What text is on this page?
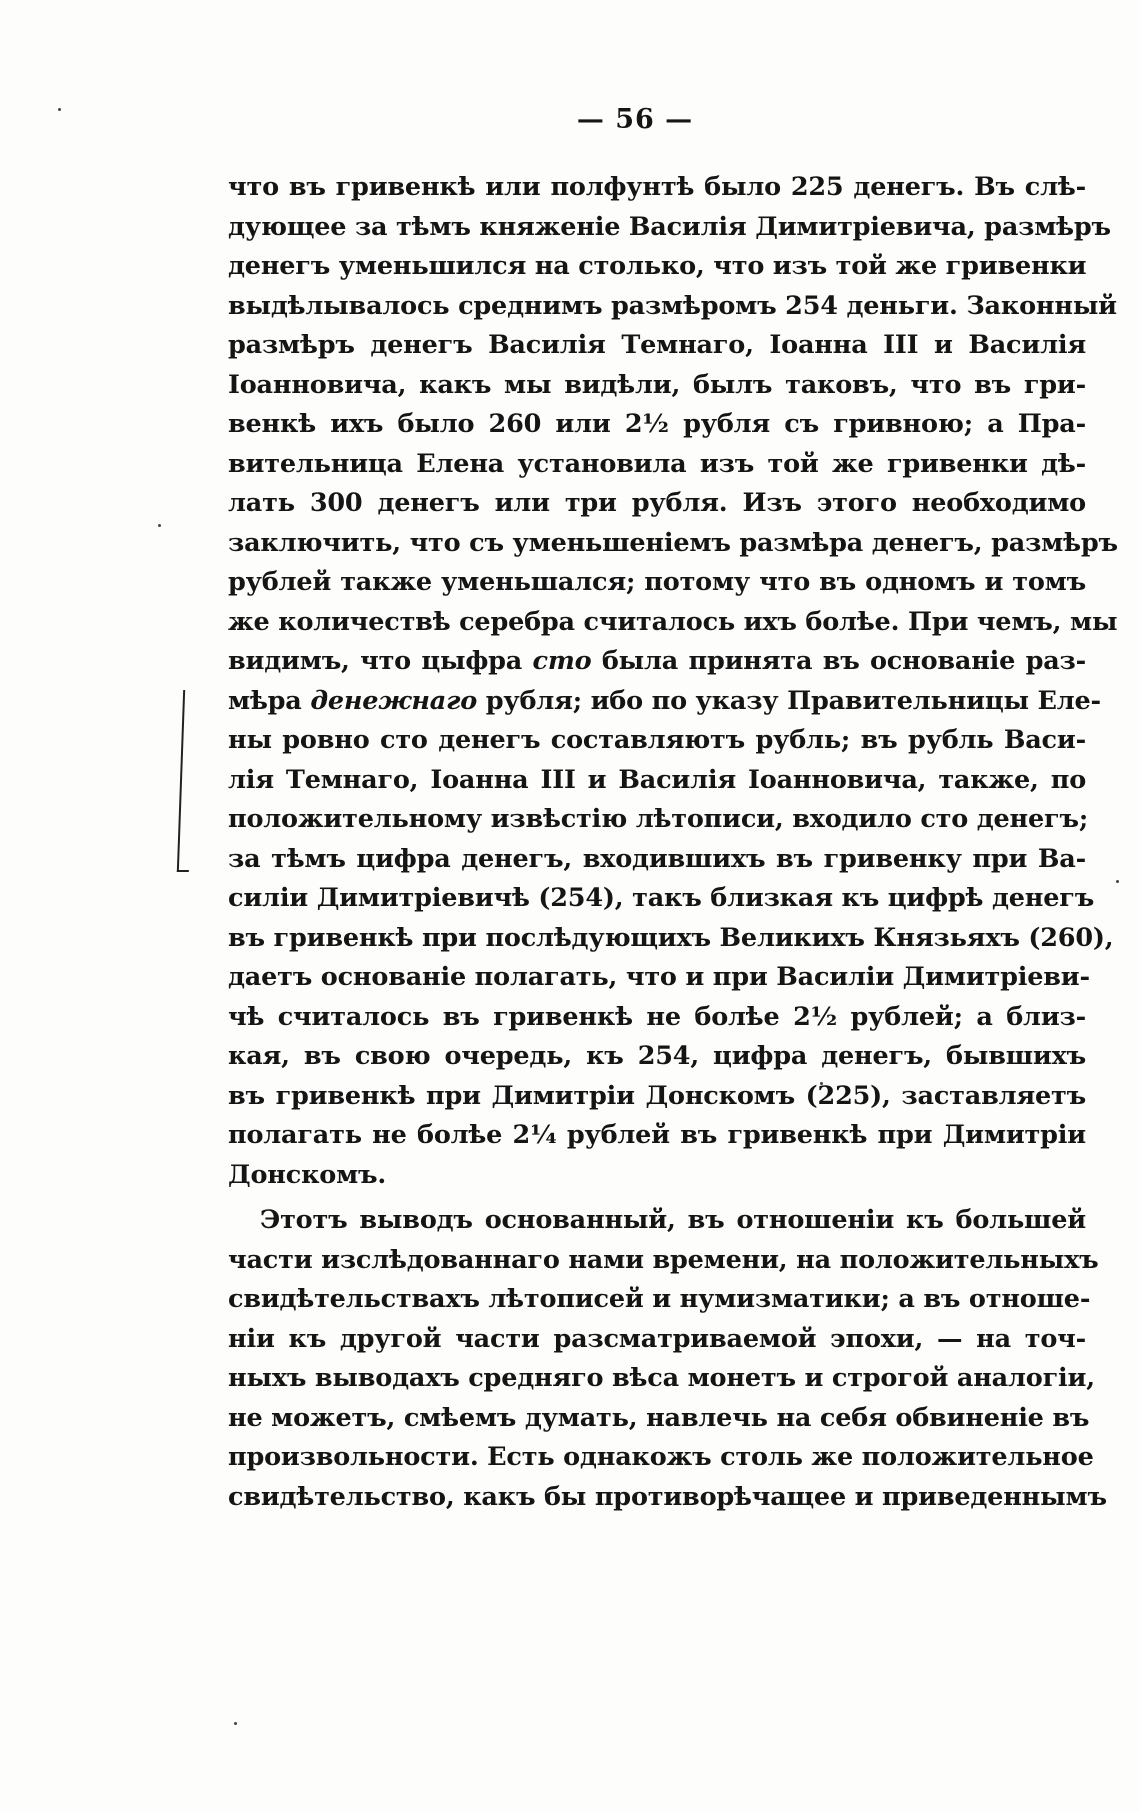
— 56 —
что въ гривенкѣ или полфунтѣ было 225 денегъ. Въ слѣ-
дующее за тѣмъ княженіе Василія Димитріевича, размѣръ
денегъ уменьшился на столько, что изъ той же гривенки
выдѣлывалось среднимъ размѣромъ 254 деньги. Законный
размѣръ денегъ Василія Темнаго, Іоанна III и Василія
Іоанновича, какъ мы видѣли, былъ таковъ, что въ гри-
венкѣ ихъ было 260 или 2½ рубля съ гривною; а Пра-
вительница Елена установила изъ той же гривенки дѣ-
лать 300 денегъ или три рубля. Изъ этого необходимо
заключить, что съ уменьшеніемъ размѣра денегъ, размѣръ
рублей также уменьшался; потому что въ одномъ и томъ
же количествѣ серебра считалось ихъ болѣе. При чемъ, мы
видимъ, что цыфра сто была принята въ основаніе раз-
мѣра денежнаго рубля; ибо по указу Правительницы Еле-
ны ровно сто денегъ составляютъ рубль; въ рубль Васи-
лія Темнаго, Іоанна III и Василія Іоанновича, также, по
положительному извѣстію лѣтописи, входило сто денегъ;
за тѣмъ цифра денегъ, входившихъ въ гривенку при Ва-
силіи Димитріевичѣ (254), такъ близкая къ цифрѣ денегъ
въ гривенкѣ при послѣдующихъ Великихъ Князьяхъ (260),
даетъ основаніе полагать, что и при Василіи Димитріеви-
чѣ считалось въ гривенкѣ не болѣе 2½ рублей; а близ-
кая, въ свою очередь, къ 254, цифра денегъ, бывшихъ
въ гривенкѣ при Димитріи Донскомъ (225), заставляетъ
полагать не болѣе 2¼ рублей въ гривенкѣ при Димитріи
Донскомъ.
Этотъ выводъ основанный, въ отношеніи къ большей
части изслѣдованнаго нами времени, на положительныхъ
свидѣтельствахъ лѣтописей и нумизматики; а въ отноше-
ніи къ другой части разсматриваемой эпохи, — на точ-
ныхъ выводахъ средняго вѣса монетъ и строгой аналогіи,
не можетъ, смѣемъ думать, навлечь на себя обвиненіе въ
произвольности. Есть однакожъ столь же положительное
свидѣтельство, какъ бы противорѣчащее и приведеннымъ
